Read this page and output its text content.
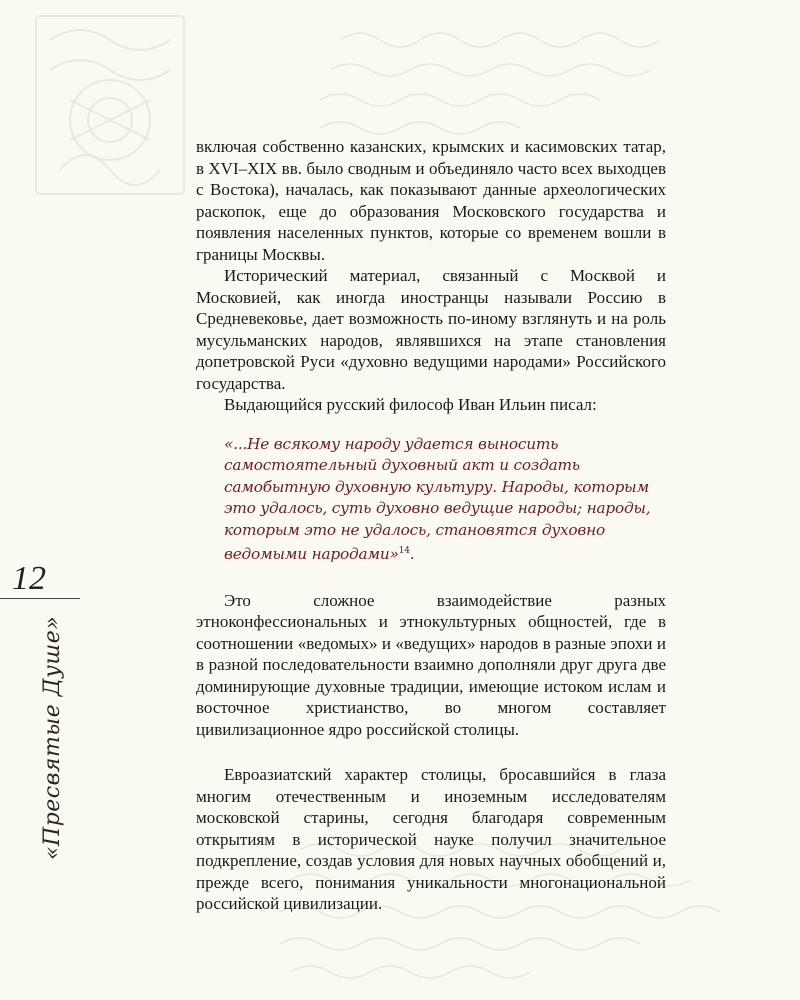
включая собственно казанских, крымских и касимовских татар, в XVI–XIX вв. было сводным и объединяло часто всех выходцев с Востока), началась, как показывают данные археологических раскопок, еще до образования Московского государства и появления населенных пунктов, которые со временем вошли в границы Москвы.

Исторический материал, связанный с Москвой и Московией, как иногда иностранцы называли Россию в Средневековье, дает возможность по-иному взглянуть и на роль мусульманских народов, являвшихся на этапе становления допетровской Руси «духовно ведущими народами» Российского государства.

Выдающийся русский философ Иван Ильин писал:

«...Не всякому народу удается выносить самостоятельный духовный акт и создать самобытную духовную культуру. Народы, которым это удалось, суть духовно ведущие народы; народы, которым это не удалось, становятся духовно ведомыми народами»$^{14}$.

Это сложное взаимодействие разных этноконфессиональных и этнокультурных общностей, где в соотношении «ведомых» и «ведущих» народов в разные эпохи и в разной последовательности взаимно дополняли друг друга две доминирующие духовные традиции, имеющие истоком ислам и восточное христианство, во многом составляет цивилизационное ядро российской столицы.

Евроазиатский характер столицы, бросавшийся в глаза многим отечественным и иноземным исследователям московской старины, сегодня благодаря современным открытиям в исторической науке получил значительное подкрепление, создав условия для новых научных обобщений и, прежде всего, понимания уникальности многонациональной российской цивилизации.

12
«Пресвятые Душе»
